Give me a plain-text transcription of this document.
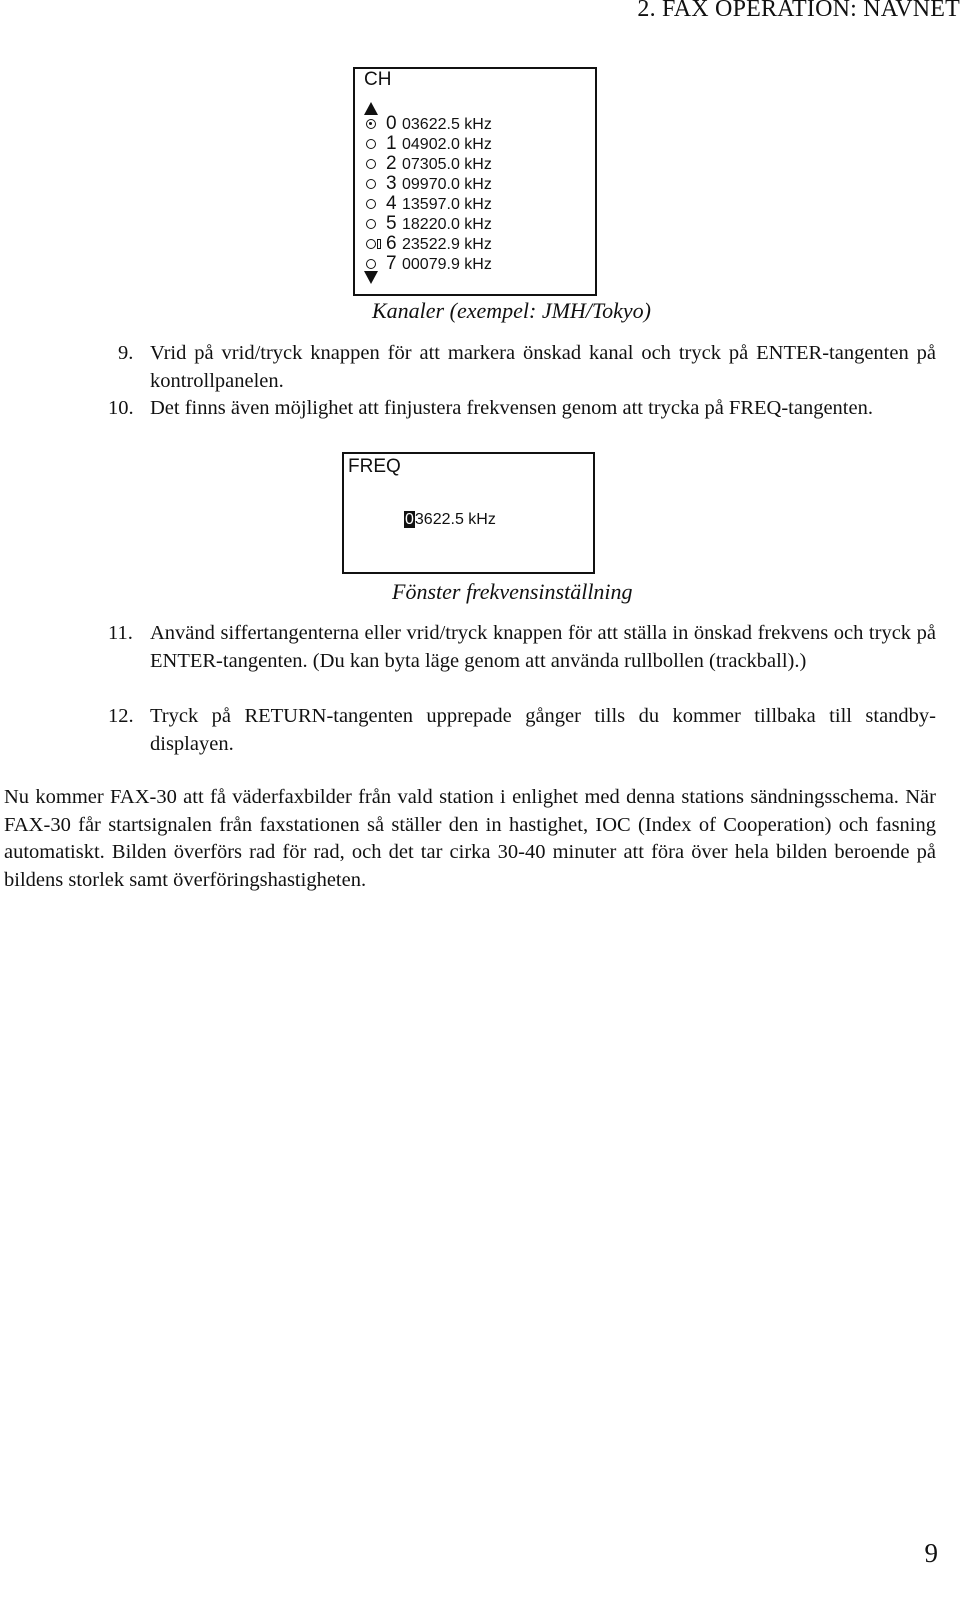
2. FAX OPERATION: NAVNET
CH
0 03622.5 kHz
1 04902.0 kHz
2 07305.0 kHz
3 09970.0 kHz
4 13597.0 kHz
5 18220.0 kHz
6 23522.9 kHz
7 00079.9 kHz
Kanaler (exempel: JMH/Tokyo)
9. Vrid på vrid/tryck knappen för att markera önskad kanal och tryck på ENTER-tangenten på kontrollpanelen.
10. Det finns även möjlighet att finjustera frekvensen genom att trycka på FREQ-tangenten.
FREQ
03622.5 kHz
Fönster frekvensinställning
11. Använd siffertangenterna eller vrid/tryck knappen för att ställa in önskad frekvens och tryck på ENTER-tangenten. (Du kan byta läge genom att använda rullbollen (trackball).)
12. Tryck på RETURN-tangenten upprepade gånger tills du kommer tillbaka till standby-displayen.

Nu kommer FAX-30 att få väderfaxbilder från vald station i enlighet med denna stations sändningsschema. När FAX-30 får startsignalen från faxstationen så ställer den in hastighet, IOC (Index of Cooperation) och fasning automatiskt. Bilden överförs rad för rad, och det tar cirka 30-40 minuter att föra över hela bilden beroende på bildens storlek samt överföringshastigheten.

9
